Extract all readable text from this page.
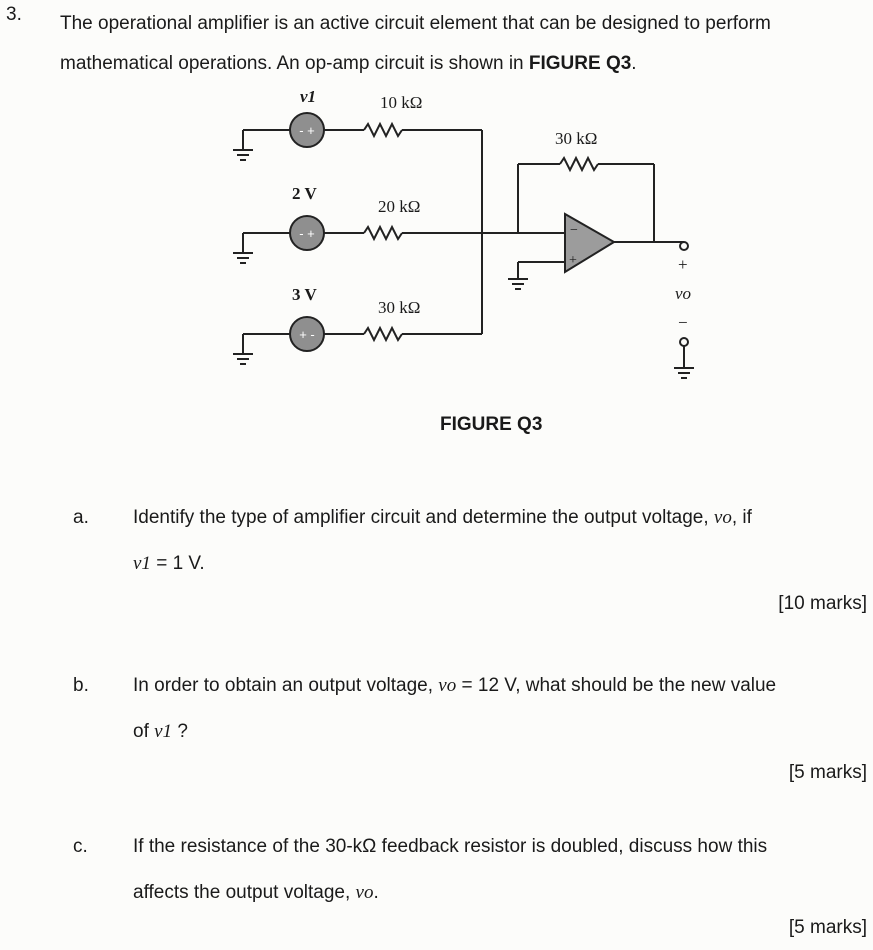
3. The operational amplifier is an active circuit element that can be designed to perform
mathematical operations. An op-amp circuit is shown in FIGURE Q3.
−
+	+
vo
−
- +
- +
+ -
v1
2 V
3 V
10 kΩ
20 kΩ
30 kΩ
30 kΩ
FIGURE Q3
a. Identify the type of amplifier circuit and determine the output voltage, vo, if
v1 = 1 V.
[10 marks]
b. In order to obtain an output voltage, vo = 12 V, what should be the new value
of v1 ?
[5 marks]
c. If the resistance of the 30-kΩ feedback resistor is doubled, discuss how this
affects the output voltage, vo.
[5 marks]
